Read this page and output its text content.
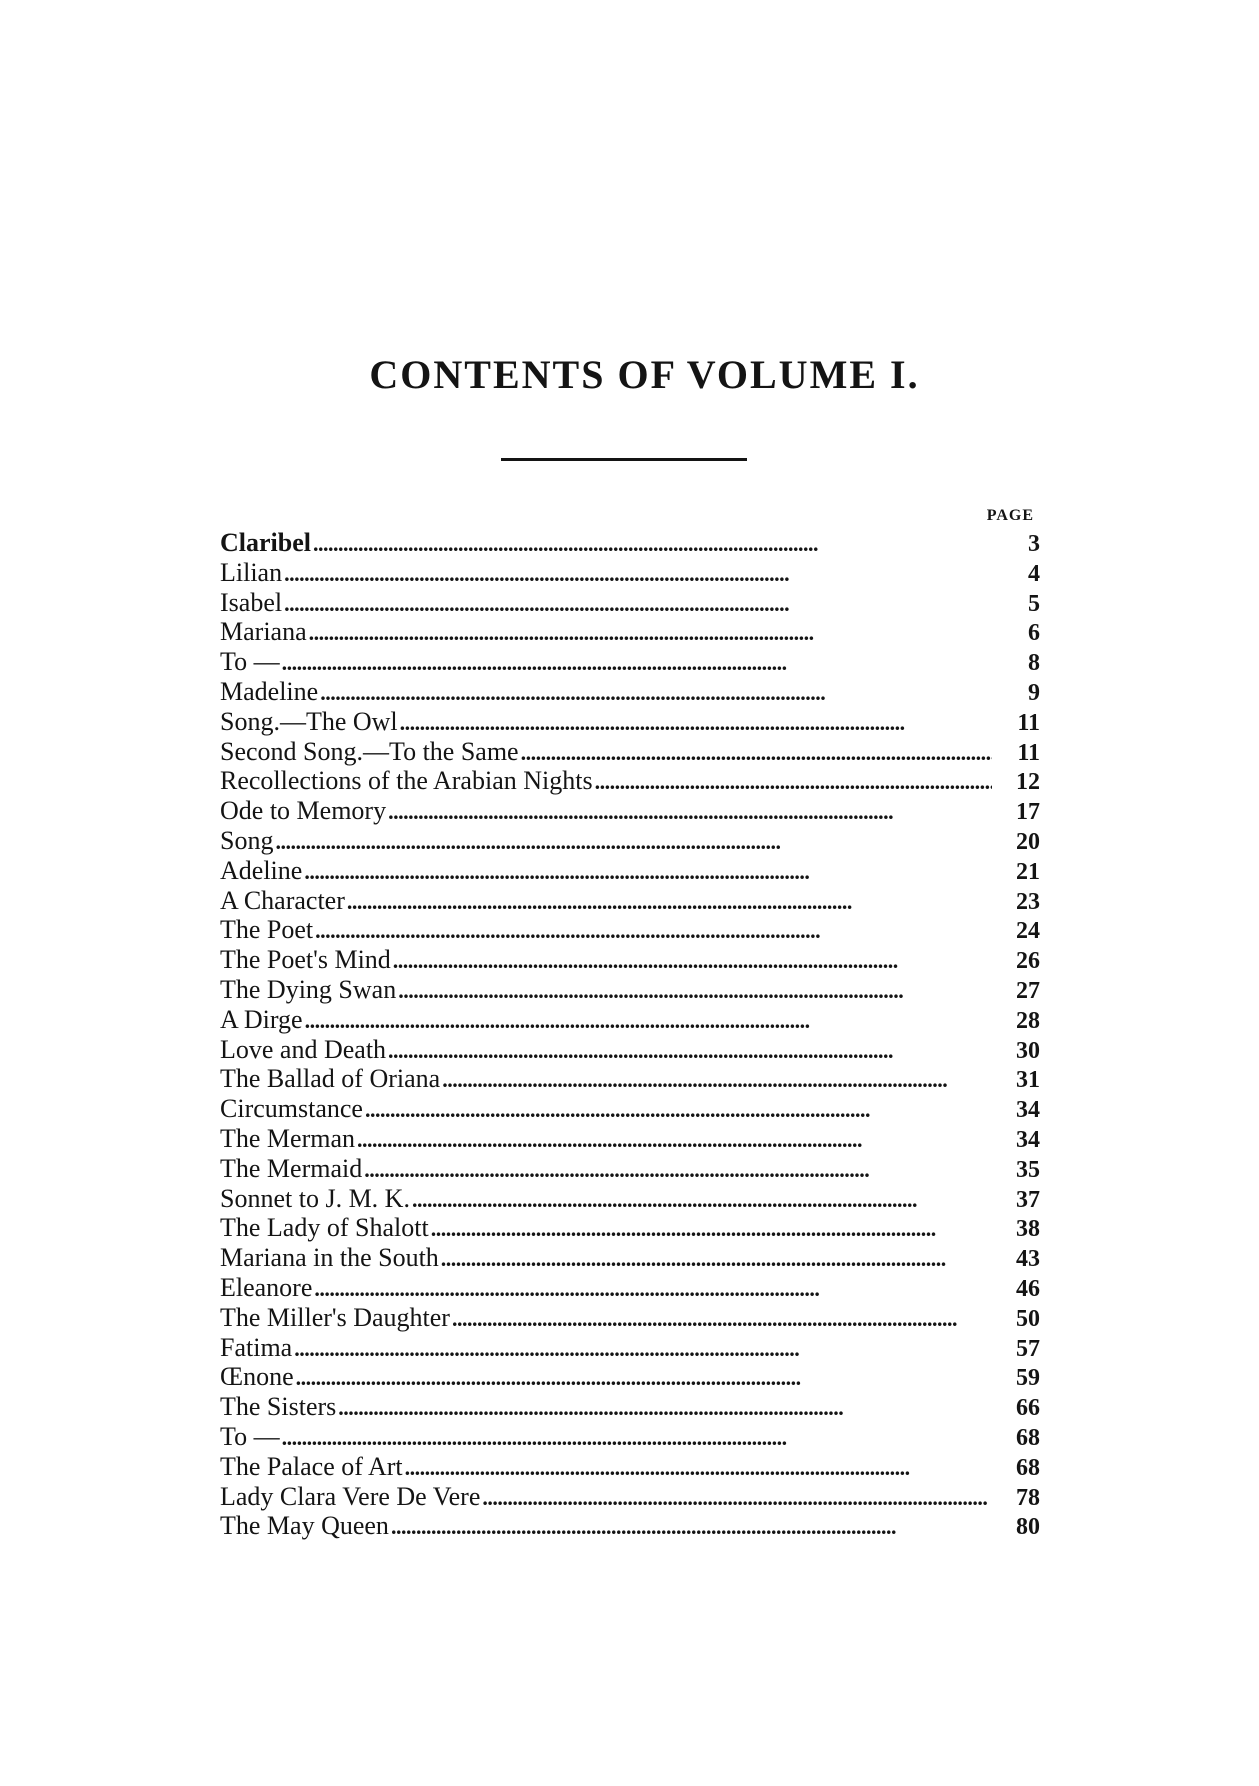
CONTENTS OF VOLUME I.
PAGE
Claribel . . .	3
Lilian . . .	4
Isabel . . .	5
Mariana . . .	6
To — . . .	8
Madeline . . .	9
Song.—The Owl . . .	11
Second Song.—To the Same . . .	11
Recollections of the Arabian Nights . . .	12
Ode to Memory . . .	17
Song . . .	20
Adeline . . .	21
A Character . . .	23
The Poet . . .	24
The Poet's Mind . . .	26
The Dying Swan . . .	27
A Dirge . . .	28
Love and Death . . .	30
The Ballad of Oriana . . .	31
Circumstance . . .	34
The Merman . . .	34
The Mermaid . . .	35
Sonnet to J. M. K. . . .	37
The Lady of Shalott . . .	38
Mariana in the South . . .	43
Eleanore . . .	46
The Miller's Daughter . . .	50
Fatima . . .	57
Œnone . . .	59
The Sisters . . .	66
To — . . .	68
The Palace of Art . . .	68
Lady Clara Vere De Vere . . .	78
The May Queen . . .	80
